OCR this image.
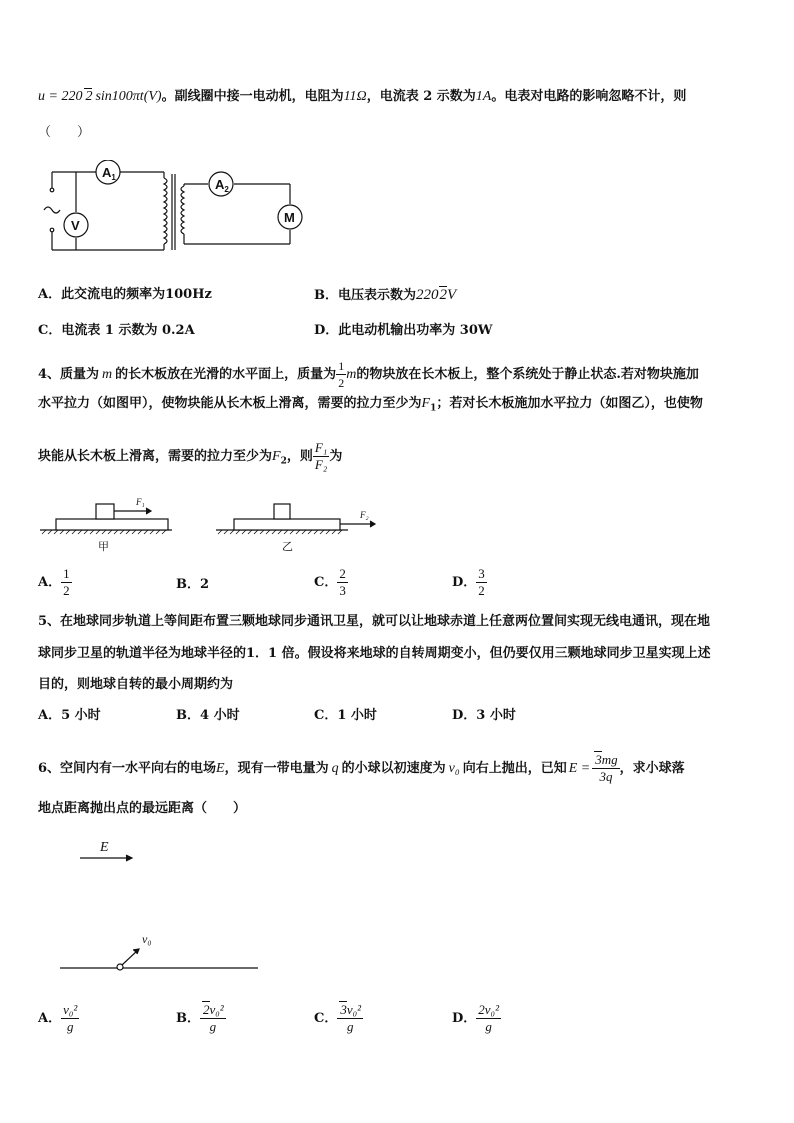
u = 220 2 sin100πt(V)。副线圈中接一电动机，电阻为11Ω，电流表 2 示数为1A。电表对电路的影响忽略不计，则
（　　）
$A_1$
V
$A_2$
M
A．此交流电的频率为100Hz	B．电压表示数为2202V
C．电流表 1 示数为 0.2A	D．此电动机输出功率为 30W
4、质量为 m 的长木板放在光滑的水平面上，质量为 $\frac{1}{2}$ m的物块放在长木板上，整个系统处于静止状态.若对物块施加
水平拉力（如图甲），使物块能从长木板上滑离，需要的拉力至少为$F_1$；若对长木板施加水平拉力（如图乙），也使物
块能从长木板上滑离，需要的拉力至少为$F_2$，则 $\frac{\text{F₁}}{\text{F₂}}$ 为
F₁
F₂
甲	乙
A． $\frac{1}{2}$	B．2	C． $\frac{2}{3}$	D． $\frac{3}{2}$
5、在地球同步轨道上等间距布置三颗地球同步通讯卫星，就可以让地球赤道上任意两位置间实现无线电通讯，现在地
球同步卫星的轨道半径为地球半径的1．1 倍。假设将来地球的自转周期变小，但仍要仅用三颗地球同步卫星实现上述
目的，则地球自转的最小周期约为
A．5 小时	B．4 小时	C．1 小时	D．3 小时
6、空间内有一水平向右的电场E，现有一带电量为 q 的小球以初速度为 v₀ 向右上抛出，已知 $E = \frac{3mg}{3q}$ ，求小球落
地点距离抛出点的最远距离（　　）
E
v₀
A． $\frac{\text{v₀²}}{g}$	B． $\frac{\text{2v₀²}}{g}$	C． $\frac{\text{3v₀²}}{g}$	D． $\frac{\text{2v₀²}}{g}$
